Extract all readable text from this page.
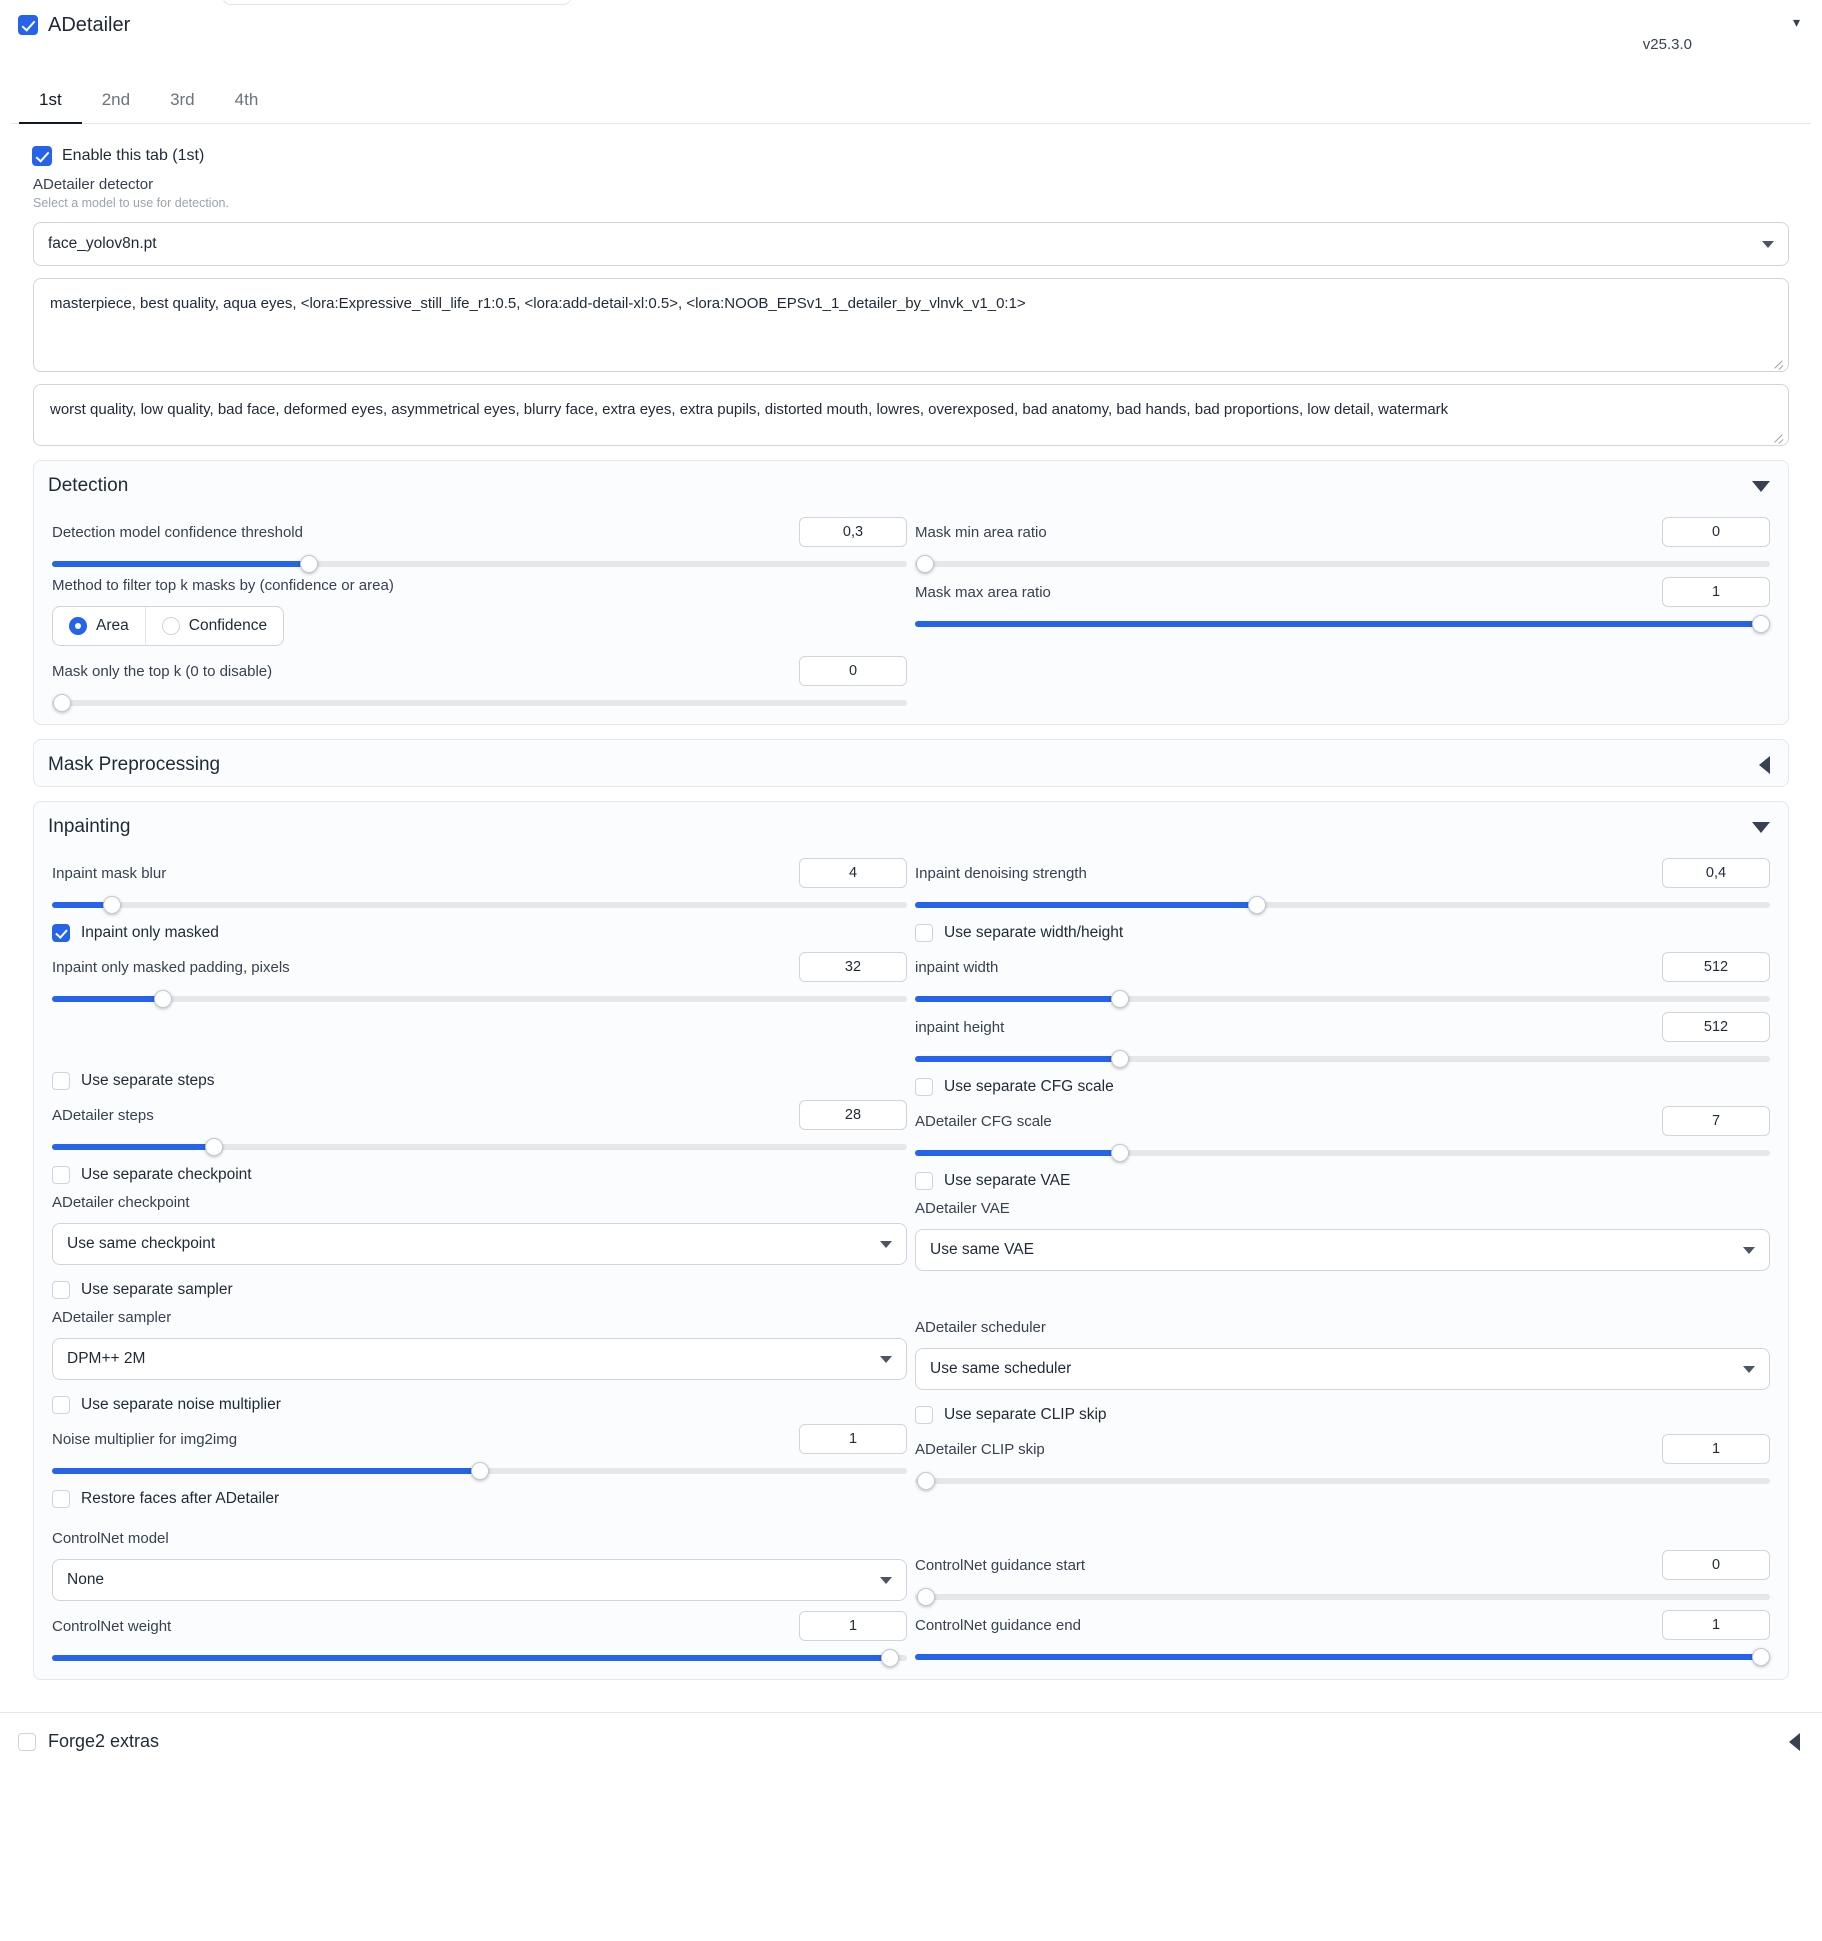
ADetailer	▾
v25.3.0
1st	2nd	3rd	4th
Enable this tab (1st)
ADetailer detector
Select a model to use for detection.
face_yolov8n.pt
masterpiece, best quality, aqua eyes, <lora:Expressive_still_life_r1:0.5, <lora:add-detail-xl:0.5>, <lora:NOOB_EPSv1_1_detailer_by_vlnvk_v1_0:1>
worst quality, low quality, bad face, deformed eyes, asymmetrical eyes, blurry face, extra eyes, extra pupils, distorted mouth, lowres, overexposed, bad anatomy, bad hands, bad proportions, low detail, watermark
Detection
Detection model confidence threshold	0,3
Method to filter top k masks by (confidence or area)
Area	Confidence
Mask only the top k (0 to disable)	0
Mask min area ratio	0
Mask max area ratio	1
Mask Preprocessing
Inpainting
Inpaint mask blur	4
Inpaint only masked
Inpaint only masked padding, pixels	32
Use separate steps
ADetailer steps	28
Use separate checkpoint
ADetailer checkpoint
Use same checkpoint
Use separate sampler
ADetailer sampler
DPM++ 2M
Use separate noise multiplier
Noise multiplier for img2img	1
Restore faces after ADetailer
ControlNet model
None
ControlNet weight	1
Inpaint denoising strength	0,4
Use separate width/height
inpaint width	512
inpaint height	512
Use separate CFG scale
ADetailer CFG scale	7
Use separate VAE
ADetailer VAE
Use same VAE
ADetailer scheduler
Use same scheduler
Use separate CLIP skip
ADetailer CLIP skip	1
ControlNet guidance start	0
ControlNet guidance end	1
Forge2 extras
